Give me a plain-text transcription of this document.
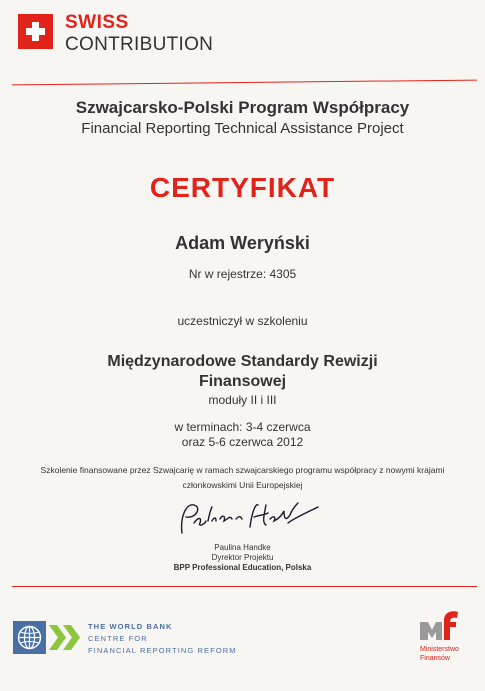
SWISS
CONTRIBUTION
Szwajcarsko-Polski Program Współpracy
Financial Reporting Technical Assistance Project
CERTYFIKAT
Adam Weryński
Nr w rejestrze: 4305
uczestniczył w szkoleniu
Międzynarodowe Standardy Rewizji
Finansowej
moduły II i III
w terminach: 3-4 czerwca
oraz 5-6 czerwca 2012
Szkolenie finansowane przez Szwajcarię w ramach szwajcarskiego programu współpracy z nowymi krajami
członkowskimi Unii Europejskiej
Paulina Handke
Dyrektor Projektu
BPP Professional Education, Polska
THE WORLD BANK
CENTRE FOR
FINANCIAL REPORTING REFORM	Ministerstwo
Finansów
